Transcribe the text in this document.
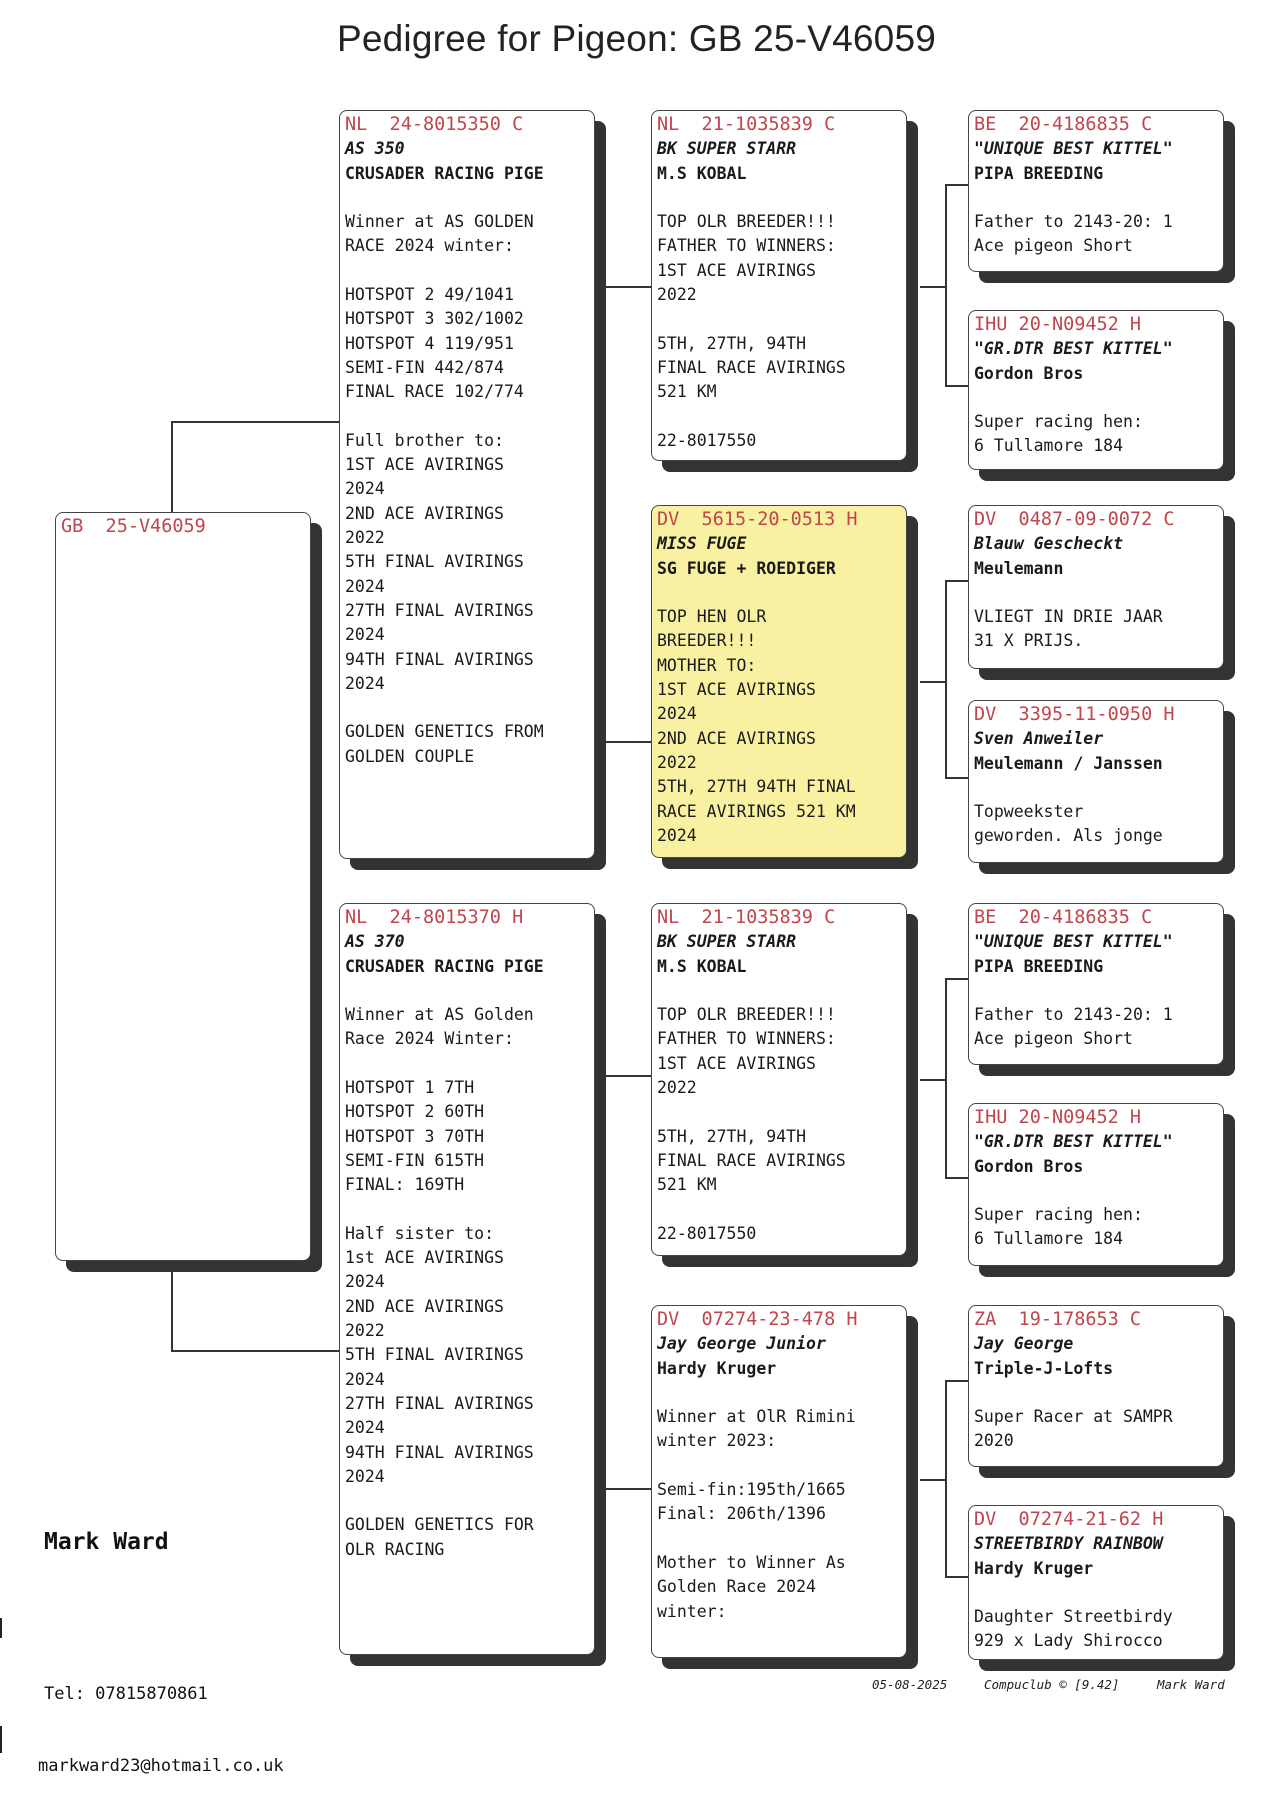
Pedigree for Pigeon: GB 25-V46059
GB  25-V46059
NL  24-8015350 C
AS 350
CRUSADER RACING PIGE
Winner at AS GOLDEN
RACE 2024 winter:
HOTSPOT 2 49/1041
HOTSPOT 3 302/1002
HOTSPOT 4 119/951
SEMI-FIN 442/874
FINAL RACE 102/774
Full brother to:
1ST ACE AVIRINGS
2024
2ND ACE AVIRINGS
2022
5TH FINAL AVIRINGS
2024
27TH FINAL AVIRINGS
2024
94TH FINAL AVIRINGS
2024
GOLDEN GENETICS FROM
GOLDEN COUPLE
NL  24-8015370 H
AS 370
CRUSADER RACING PIGE
Winner at AS Golden
Race 2024 Winter:
HOTSPOT 1 7TH
HOTSPOT 2 60TH
HOTSPOT 3 70TH
SEMI-FIN 615TH
FINAL: 169TH
Half sister to:
1st ACE AVIRINGS
2024
2ND ACE AVIRINGS
2022
5TH FINAL AVIRINGS
2024
27TH FINAL AVIRINGS
2024
94TH FINAL AVIRINGS
2024
GOLDEN GENETICS FOR
OLR RACING
NL  21-1035839 C
BK SUPER STARR
M.S KOBAL
TOP OLR BREEDER!!!
FATHER TO WINNERS:
1ST ACE AVIRINGS
2022
5TH, 27TH, 94TH
FINAL RACE AVIRINGS
521 KM
22-8017550
DV  5615-20-0513 H
MISS FUGE
SG FUGE + ROEDIGER
TOP HEN OLR
BREEDER!!!
MOTHER TO:
1ST ACE AVIRINGS
2024
2ND ACE AVIRINGS
2022
5TH, 27TH 94TH FINAL
RACE AVIRINGS 521 KM
2024
NL  21-1035839 C
BK SUPER STARR
M.S KOBAL
TOP OLR BREEDER!!!
FATHER TO WINNERS:
1ST ACE AVIRINGS
2022
5TH, 27TH, 94TH
FINAL RACE AVIRINGS
521 KM
22-8017550
DV  07274-23-478 H
Jay George Junior
Hardy Kruger
Winner at OlR Rimini
winter 2023:
Semi-fin:195th/1665
Final: 206th/1396
Mother to Winner As
Golden Race 2024
winter:
BE  20-4186835 C
"UNIQUE BEST KITTEL"
PIPA BREEDING
Father to 2143-20: 1
Ace pigeon Short
IHU 20-N09452 H
"GR.DTR BEST KITTEL"
Gordon Bros
Super racing hen:
6 Tullamore 184
DV  0487-09-0072 C
Blauw Gescheckt
Meulemann
VLIEGT IN DRIE JAAR
31 X PRIJS.
DV  3395-11-0950 H
Sven Anweiler
Meulemann / Janssen
Topweekster
geworden. Als jonge
BE  20-4186835 C
"UNIQUE BEST KITTEL"
PIPA BREEDING
Father to 2143-20: 1
Ace pigeon Short
IHU 20-N09452 H
"GR.DTR BEST KITTEL"
Gordon Bros
Super racing hen:
6 Tullamore 184
ZA  19-178653 C
Jay George
Triple-J-Lofts
Super Racer at SAMPR
2020
DV  07274-21-62 H
STREETBIRDY RAINBOW
Hardy Kruger
Daughter Streetbirdy
929 x Lady Shirocco
Mark Ward

Tel: 07815870861

markward23@hotmail.co.uk

05-08-2025	Compuclub © [9.42]	Mark Ward
